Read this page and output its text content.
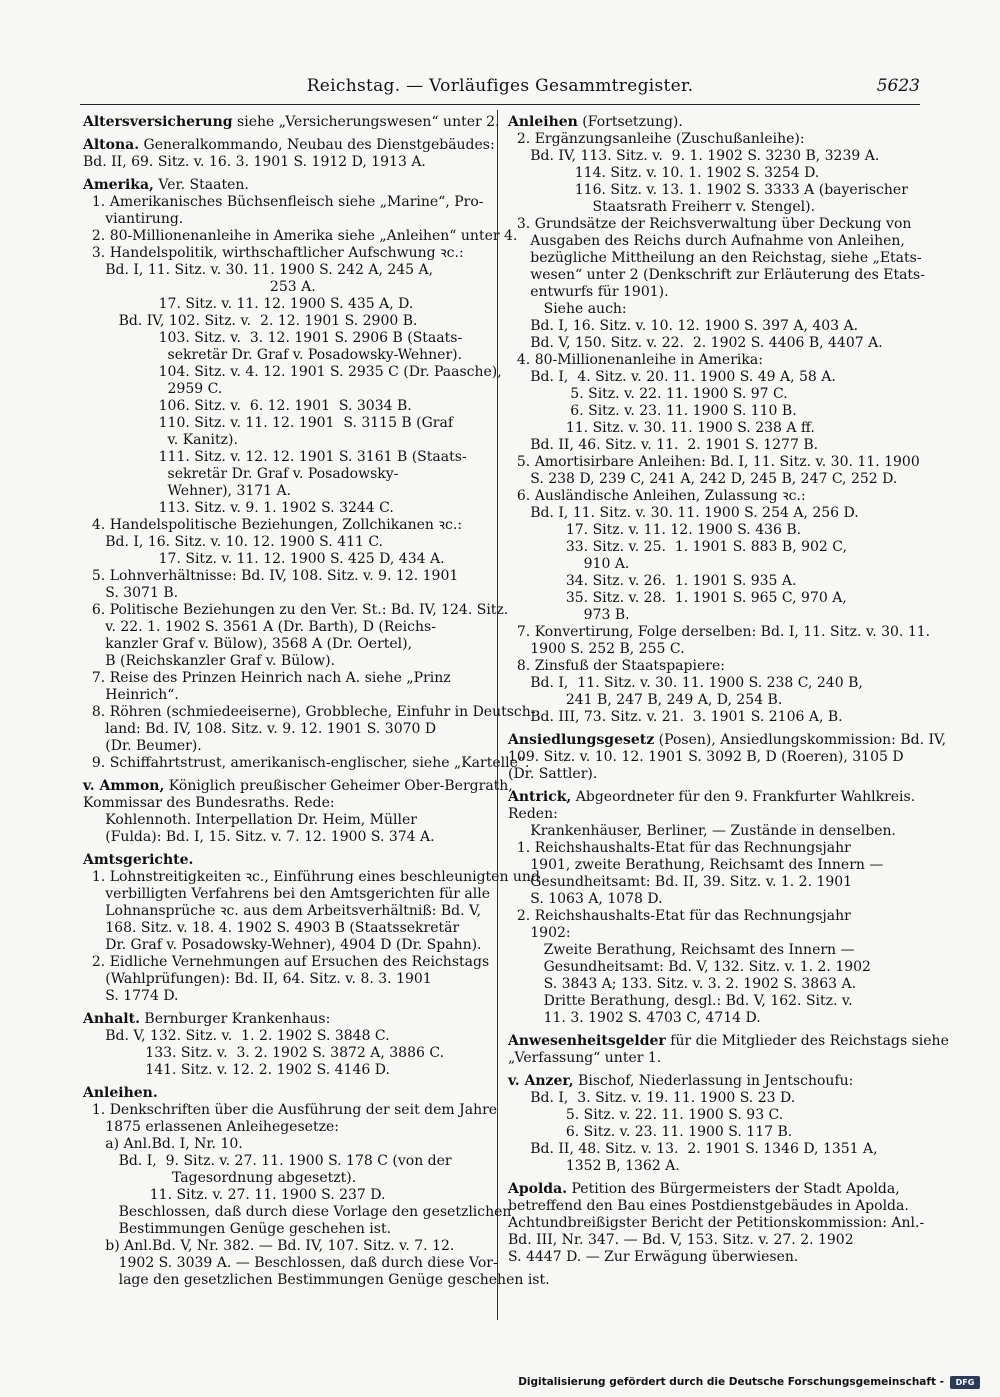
Reichstag. — Vorläufiges Gesammtregister.	5623
Altersversicherung siehe „Versicherungswesen“ unter 2.
Altona. Generalkommando, Neubau des Dienstgebäudes:
Bd. II, 69. Sitz. v. 16. 3. 1901 S. 1912 D, 1913 A.
Amerika, Ver. Staaten.
1. Amerikanisches Büchsenfleisch siehe „Marine“, Pro-
viantirung.
2. 80-Millionenanleihe in Amerika siehe „Anleihen“ unter 4.
3. Handelspolitik, wirthschaftlicher Aufschwung ꝛc.:
Bd. I, 11. Sitz. v. 30. 11. 1900 S. 242 A, 245 A,
253 A.
17. Sitz. v. 11. 12. 1900 S. 435 A, D.
Bd. IV, 102. Sitz. v.  2. 12. 1901 S. 2900 B.
103. Sitz. v.  3. 12. 1901 S. 2906 B (Staats-
sekretär Dr. Graf v. Posadowsky-Wehner).
104. Sitz. v. 4. 12. 1901 S. 2935 C (Dr. Paasche),
2959 C.
106. Sitz. v.  6. 12. 1901  S. 3034 B.
110. Sitz. v. 11. 12. 1901  S. 3115 B (Graf
v. Kanitz).
111. Sitz. v. 12. 12. 1901 S. 3161 B (Staats-
sekretär Dr. Graf v. Posadowsky-
Wehner), 3171 A.
113. Sitz. v. 9. 1. 1902 S. 3244 C.
4. Handelspolitische Beziehungen, Zollchikanen ꝛc.:
Bd. I, 16. Sitz. v. 10. 12. 1900 S. 411 C.
17. Sitz. v. 11. 12. 1900 S. 425 D, 434 A.
5. Lohnverhältnisse: Bd. IV, 108. Sitz. v. 9. 12. 1901
S. 3071 B.
6. Politische Beziehungen zu den Ver. St.: Bd. IV, 124. Sitz.
v. 22. 1. 1902 S. 3561 A (Dr. Barth), D (Reichs-
kanzler Graf v. Bülow), 3568 A (Dr. Oertel),
B (Reichskanzler Graf v. Bülow).
7. Reise des Prinzen Heinrich nach A. siehe „Prinz
Heinrich“.
8. Röhren (schmiedeeiserne), Grobbleche, Einfuhr in Deutsch-
land: Bd. IV, 108. Sitz. v. 9. 12. 1901 S. 3070 D
(Dr. Beumer).
9. Schiffahrtstrust, amerikanisch-englischer, siehe „Kartelle“.
v. Ammon, Königlich preußischer Geheimer Ober-Bergrath,
Kommissar des Bundesraths. Rede:
Kohlennoth. Interpellation Dr. Heim, Müller
(Fulda): Bd. I, 15. Sitz. v. 7. 12. 1900 S. 374 A.
Amtsgerichte.
1. Lohnstreitigkeiten ꝛc., Einführung eines beschleunigten und
verbilligten Verfahrens bei den Amtsgerichten für alle
Lohnansprüche ꝛc. aus dem Arbeitsverhältniß: Bd. V,
168. Sitz. v. 18. 4. 1902 S. 4903 B (Staatssekretär
Dr. Graf v. Posadowsky-Wehner), 4904 D (Dr. Spahn).
2. Eidliche Vernehmungen auf Ersuchen des Reichstags
(Wahlprüfungen): Bd. II, 64. Sitz. v. 8. 3. 1901
S. 1774 D.
Anhalt. Bernburger Krankenhaus:
Bd. V, 132. Sitz. v.  1. 2. 1902 S. 3848 C.
133. Sitz. v.  3. 2. 1902 S. 3872 A, 3886 C.
141. Sitz. v. 12. 2. 1902 S. 4146 D.
Anleihen.
1. Denkschriften über die Ausführung der seit dem Jahre
1875 erlassenen Anleihegesetze:
a) Anl.Bd. I, Nr. 10.
Bd. I,  9. Sitz. v. 27. 11. 1900 S. 178 C (von der
Tagesordnung abgesetzt).
11. Sitz. v. 27. 11. 1900 S. 237 D.
Beschlossen, daß durch diese Vorlage den gesetzlichen
Bestimmungen Genüge geschehen ist.
b) Anl.Bd. V, Nr. 382. — Bd. IV, 107. Sitz. v. 7. 12.
1902 S. 3039 A. — Beschlossen, daß durch diese Vor-
lage den gesetzlichen Bestimmungen Genüge geschehen ist.
Anleihen (Fortsetzung).
2. Ergänzungsanleihe (Zuschußanleihe):
Bd. IV, 113. Sitz. v.  9. 1. 1902 S. 3230 B, 3239 A.
114. Sitz. v. 10. 1. 1902 S. 3254 D.
116. Sitz. v. 13. 1. 1902 S. 3333 A (bayerischer
Staatsrath Freiherr v. Stengel).
3. Grundsätze der Reichsverwaltung über Deckung von
Ausgaben des Reichs durch Aufnahme von Anleihen,
bezügliche Mittheilung an den Reichstag, siehe „Etats-
wesen“ unter 2 (Denkschrift zur Erläuterung des Etats-
entwurfs für 1901).
Siehe auch:
Bd. I, 16. Sitz. v. 10. 12. 1900 S. 397 A, 403 A.
Bd. V, 150. Sitz. v. 22.  2. 1902 S. 4406 B, 4407 A.
4. 80-Millionenanleihe in Amerika:
Bd. I,  4. Sitz. v. 20. 11. 1900 S. 49 A, 58 A.
5. Sitz. v. 22. 11. 1900 S. 97 C.
6. Sitz. v. 23. 11. 1900 S. 110 B.
11. Sitz. v. 30. 11. 1900 S. 238 A ff.
Bd. II, 46. Sitz. v. 11.  2. 1901 S. 1277 B.
5. Amortisirbare Anleihen: Bd. I, 11. Sitz. v. 30. 11. 1900
S. 238 D, 239 C, 241 A, 242 D, 245 B, 247 C, 252 D.
6. Ausländische Anleihen, Zulassung ꝛc.:
Bd. I, 11. Sitz. v. 30. 11. 1900 S. 254 A, 256 D.
17. Sitz. v. 11. 12. 1900 S. 436 B.
33. Sitz. v. 25.  1. 1901 S. 883 B, 902 C,
910 A.
34. Sitz. v. 26.  1. 1901 S. 935 A.
35. Sitz. v. 28.  1. 1901 S. 965 C, 970 A,
973 B.
7. Konvertirung, Folge derselben: Bd. I, 11. Sitz. v. 30. 11.
1900 S. 252 B, 255 C.
8. Zinsfuß der Staatspapiere:
Bd. I,  11. Sitz. v. 30. 11. 1900 S. 238 C, 240 B,
241 B, 247 B, 249 A, D, 254 B.
Bd. III, 73. Sitz. v. 21.  3. 1901 S. 2106 A, B.
Ansiedlungsgesetz (Posen), Ansiedlungskommission: Bd. IV,
109. Sitz. v. 10. 12. 1901 S. 3092 B, D (Roeren), 3105 D
(Dr. Sattler).
Antrick, Abgeordneter für den 9. Frankfurter Wahlkreis.
Reden:
Krankenhäuser, Berliner, — Zustände in denselben.
1. Reichshaushalts-Etat für das Rechnungsjahr
1901, zweite Berathung, Reichsamt des Innern —
Gesundheitsamt: Bd. II, 39. Sitz. v. 1. 2. 1901
S. 1063 A, 1078 D.
2. Reichshaushalts-Etat für das Rechnungsjahr
1902:
Zweite Berathung, Reichsamt des Innern —
Gesundheitsamt: Bd. V, 132. Sitz. v. 1. 2. 1902
S. 3843 A; 133. Sitz. v. 3. 2. 1902 S. 3863 A.
Dritte Berathung, desgl.: Bd. V, 162. Sitz. v.
11. 3. 1902 S. 4703 C, 4714 D.
Anwesenheitsgelder für die Mitglieder des Reichstags siehe
„Verfassung“ unter 1.
v. Anzer, Bischof, Niederlassung in Jentschoufu:
Bd. I,  3. Sitz. v. 19. 11. 1900 S. 23 D.
5. Sitz. v. 22. 11. 1900 S. 93 C.
6. Sitz. v. 23. 11. 1900 S. 117 B.
Bd. II, 48. Sitz. v. 13.  2. 1901 S. 1346 D, 1351 A,
1352 B, 1362 A.
Apolda. Petition des Bürgermeisters der Stadt Apolda,
betreffend den Bau eines Postdienstgebäudes in Apolda.
Achtundbreißigster Bericht der Petitionskommission: Anl.-
Bd. III, Nr. 347. — Bd. V, 153. Sitz. v. 27. 2. 1902
S. 4447 D. — Zur Erwägung überwiesen.
Digitalisierung gefördert durch die Deutsche Forschungsgemeinschaft -	DFG
